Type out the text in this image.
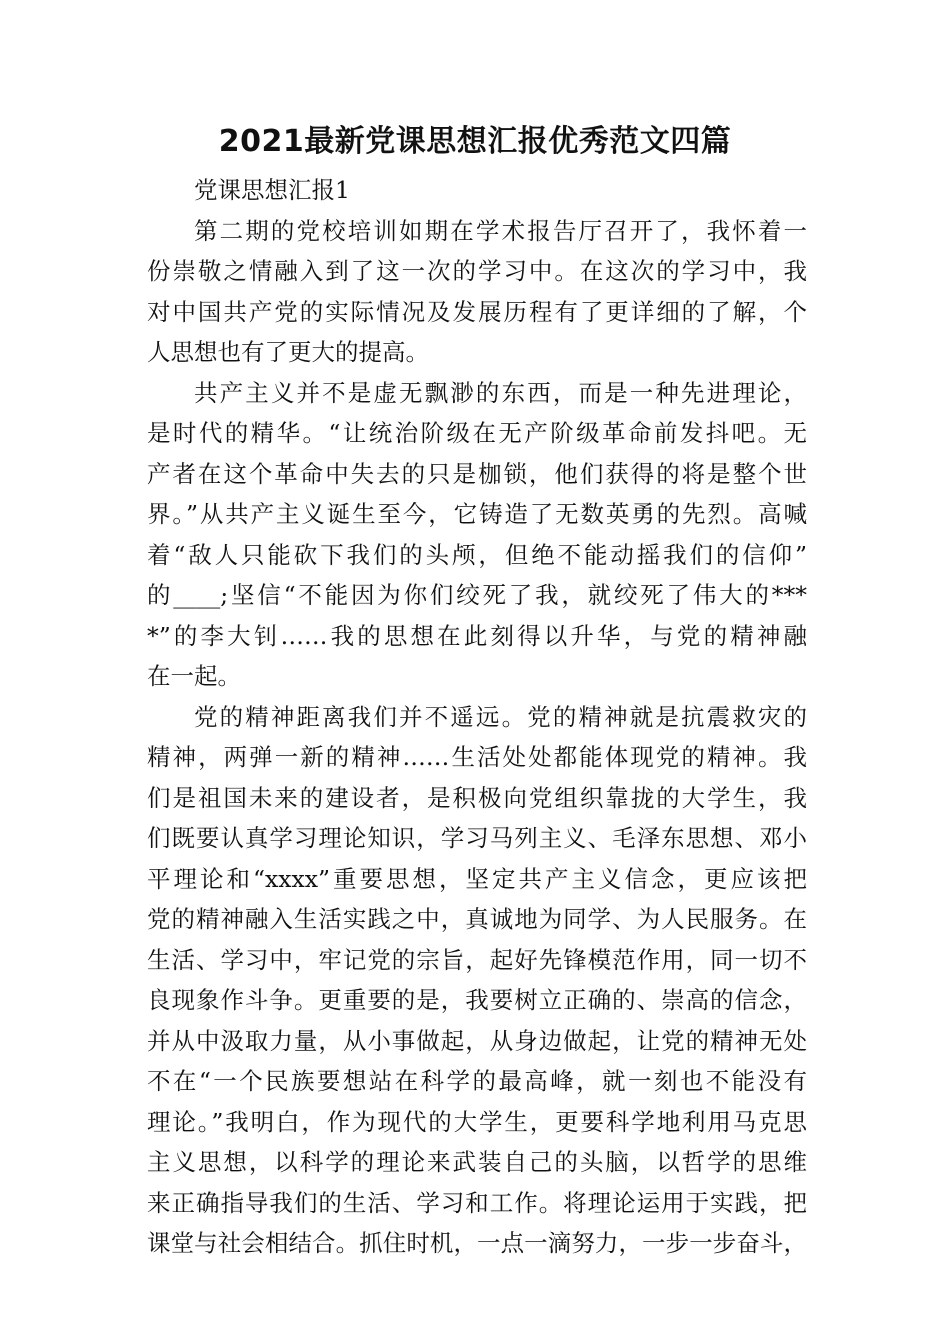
2021最新党课思想汇报优秀范文四篇
党课思想汇报1
第二期的党校培训如期在学术报告厅召开了，我怀着一
份崇敬之情融入到了这一次的学习中。在这次的学习中，我
对中国共产党的实际情况及发展历程有了更详细的了解，个
人思想也有了更大的提高。
共产主义并不是虚无飘渺的东西，而是一种先进理论，
是时代的精华。“让统治阶级在无产阶级革命前发抖吧。无
产者在这个革命中失去的只是枷锁，他们获得的将是整个世
界。”从共产主义诞生至今，它铸造了无数英勇的先烈。高喊
着“敌人只能砍下我们的头颅，但绝不能动摇我们的信仰”
的____;坚信“不能因为你们绞死了我，就绞死了伟大的***
*”的李大钊……我的思想在此刻得以升华，与党的精神融
在一起。
党的精神距离我们并不遥远。党的精神就是抗震救灾的
精神，两弹一新的精神……生活处处都能体现党的精神。我
们是祖国未来的建设者，是积极向党组织靠拢的大学生，我
们既要认真学习理论知识，学习马列主义、毛泽东思想、邓小
平理论和“xxxx”重要思想，坚定共产主义信念，更应该把
党的精神融入生活实践之中，真诚地为同学、为人民服务。在
生活、学习中，牢记党的宗旨，起好先锋模范作用，同一切不
良现象作斗争。更重要的是，我要树立正确的、崇高的信念，
并从中汲取力量，从小事做起，从身边做起，让党的精神无处
不在“一个民族要想站在科学的最高峰，就一刻也不能没有
理论。”我明白，作为现代的大学生，更要科学地利用马克思
主义思想，以科学的理论来武装自己的头脑，以哲学的思维
来正确指导我们的生活、学习和工作。将理论运用于实践，把
课堂与社会相结合。抓住时机，一点一滴努力，一步一步奋斗，
